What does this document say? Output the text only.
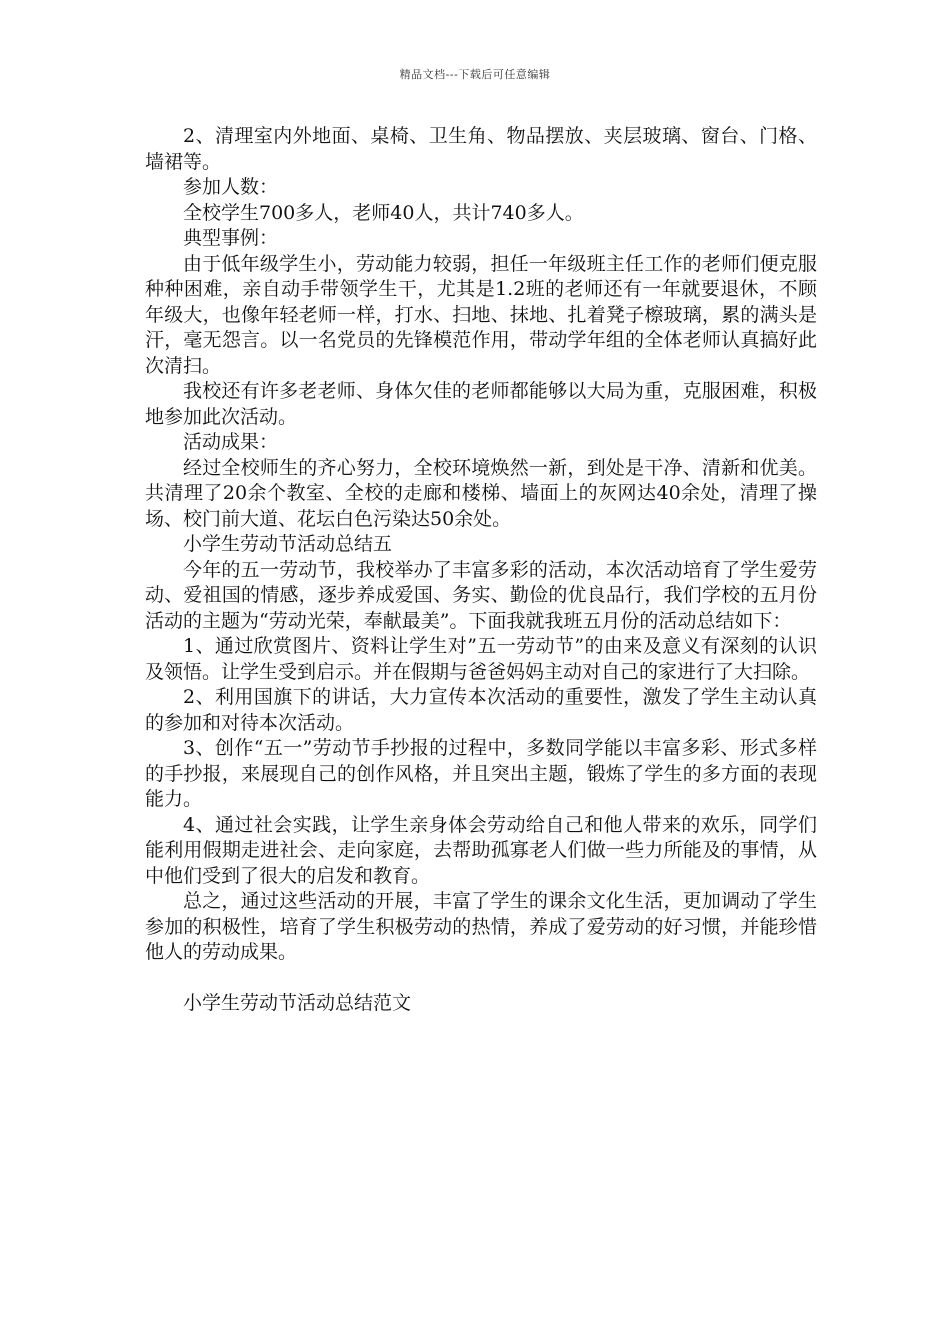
精品文档---下载后可任意编辑

2、清理室内外地面、桌椅、卫生角、物品摆放、夹层玻璃、窗台、门格、墙裙等。

参加人数：

全校学生700多人，老师40人，共计740多人。

典型事例：

由于低年级学生小，劳动能力较弱，担任一年级班主任工作的老师们便克服种种困难，亲自动手带领学生干，尤其是1.2班的老师还有一年就要退休，不顾年级大，也像年轻老师一样，打水、扫地、抹地、扎着凳子檫玻璃，累的满头是汗，毫无怨言。以一名党员的先锋模范作用，带动学年组的全体老师认真搞好此次清扫。

我校还有许多老老师、身体欠佳的老师都能够以大局为重，克服困难，积极地参加此次活动。

活动成果：

经过全校师生的齐心努力，全校环境焕然一新，到处是干净、清新和优美。共清理了20余个教室、全校的走廊和楼梯、墙面上的灰网达40余处，清理了操场、校门前大道、花坛白色污染达50余处。

小学生劳动节活动总结五

今年的五一劳动节，我校举办了丰富多彩的活动，本次活动培育了学生爱劳动、爱祖国的情感，逐步养成爱国、务实、勤俭的优良品行，我们学校的五月份活动的主题为“劳动光荣，奉献最美”。下面我就我班五月份的活动总结如下：

1、通过欣赏图片、资料让学生对”五一劳动节”的由来及意义有深刻的认识及领悟。让学生受到启示。并在假期与爸爸妈妈主动对自己的家进行了大扫除。

2、利用国旗下的讲话，大力宣传本次活动的重要性，激发了学生主动认真的参加和对待本次活动。

3、创作“五一”劳动节手抄报的过程中，多数同学能以丰富多彩、形式多样的手抄报，来展现自己的创作风格，并且突出主题，锻炼了学生的多方面的表现能力。

4、通过社会实践，让学生亲身体会劳动给自己和他人带来的欢乐，同学们能利用假期走进社会、走向家庭，去帮助孤寡老人们做一些力所能及的事情，从中他们受到了很大的启发和教育。

总之，通过这些活动的开展，丰富了学生的课余文化生活，更加调动了学生参加的积极性，培育了学生积极劳动的热情，养成了爱劳动的好习惯，并能珍惜他人的劳动成果。

小学生劳动节活动总结范文
